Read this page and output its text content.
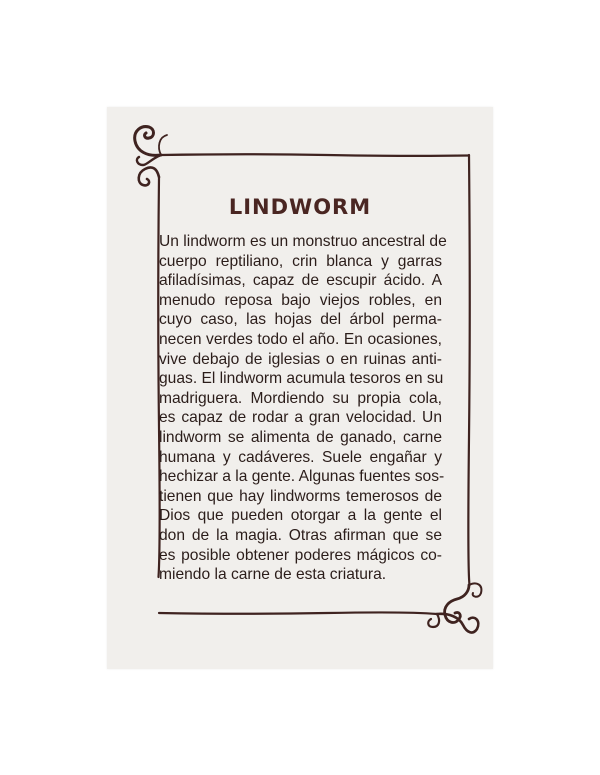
LINDWORM
Un lindworm es un monstruo ancestral de
cuerpo reptiliano, crin blanca y garras
afiladísimas, capaz de escupir ácido. A
menudo reposa bajo viejos robles, en
cuyo caso, las hojas del árbol perma-
necen verdes todo el año. En ocasiones,
vive debajo de iglesias o en ruinas anti-
guas. El lindworm acumula tesoros en su
madriguera. Mordiendo su propia cola,
es capaz de rodar a gran velocidad. Un
lindworm se alimenta de ganado, carne
humana y cadáveres. Suele engañar y
hechizar a la gente. Algunas fuentes sos-
tienen que hay lindworms temerosos de
Dios que pueden otorgar a la gente el
don de la magia. Otras afirman que se
es posible obtener poderes mágicos co-
miendo la carne de esta criatura.
